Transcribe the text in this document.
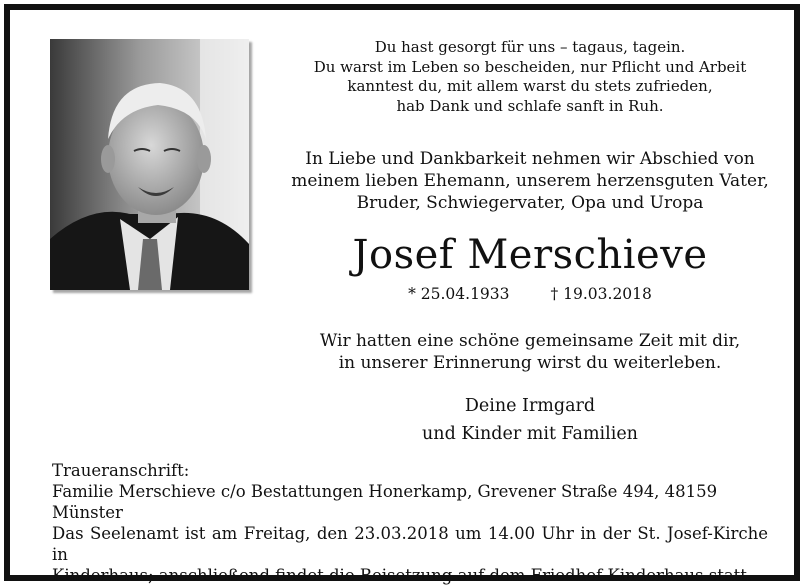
Du hast gesorgt für uns – tagaus, tagein.
Du warst im Leben so bescheiden, nur Pflicht und Arbeit
kanntest du, mit allem warst du stets zufrieden,
hab Dank und schlafe sanft in Ruh.
In Liebe und Dankbarkeit nehmen wir Abschied von
meinem lieben Ehemann, unserem herzensguten Vater,
Bruder, Schwiegervater, Opa und Uropa
Josef Merschieve
* 25.04.1933	† 19.03.2018
Wir hatten eine schöne gemeinsame Zeit mit dir,
in unserer Erinnerung wirst du weiterleben.
Deine Irmgard
und Kinder mit Familien
Traueranschrift:
Familie Merschieve c/o Bestattungen Honerkamp, Grevener Straße 494, 48159 Münster
Das Seelenamt ist am Freitag, den 23.03.2018 um 14.00 Uhr in der St. Josef-Kirche in
Kinderhaus; anschließend findet die Beisetzung auf dem Friedhof Kinderhaus statt.
